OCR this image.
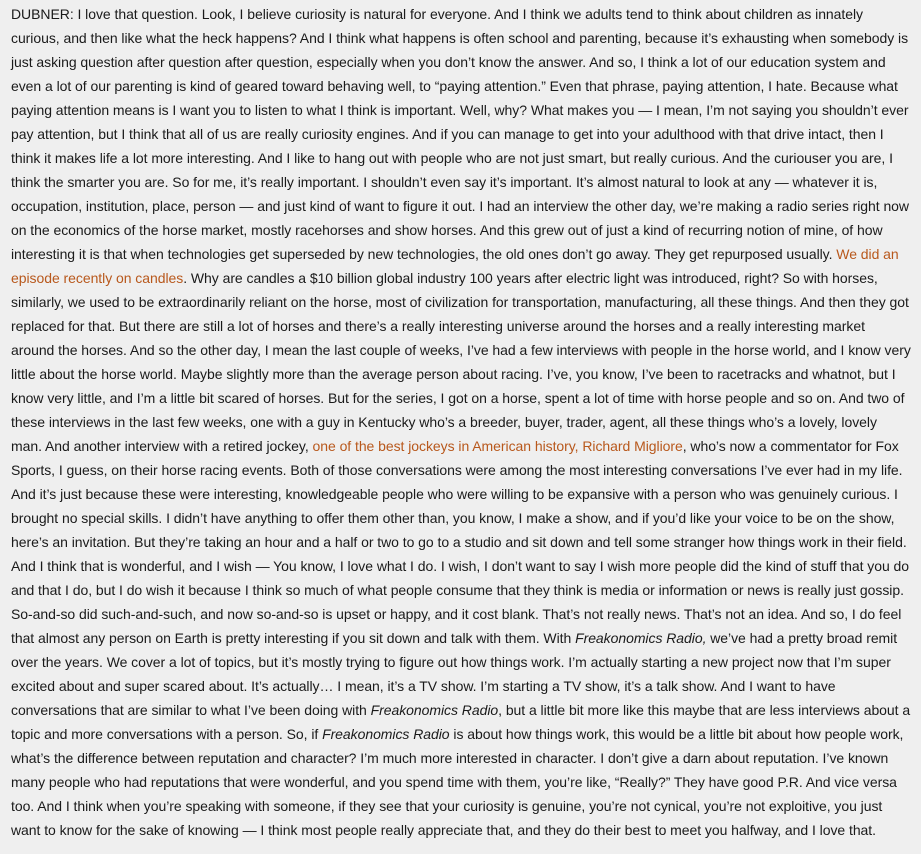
DUBNER: I love that question. Look, I believe curiosity is natural for everyone. And I think we adults tend to think about children as innately curious, and then like what the heck happens? And I think what happens is often school and parenting, because it’s exhausting when somebody is just asking question after question after question, especially when you don’t know the answer. And so, I think a lot of our education system and even a lot of our parenting is kind of geared toward behaving well, to “paying attention.” Even that phrase, paying attention, I hate. Because what paying attention means is I want you to listen to what I think is important. Well, why? What makes you — I mean, I’m not saying you shouldn’t ever pay attention, but I think that all of us are really curiosity engines. And if you can manage to get into your adulthood with that drive intact, then I think it makes life a lot more interesting. And I like to hang out with people who are not just smart, but really curious. And the curiouser you are, I think the smarter you are. So for me, it’s really important. I shouldn’t even say it’s important. It’s almost natural to look at any — whatever it is, occupation, institution, place, person — and just kind of want to figure it out. I had an interview the other day, we’re making a radio series right now on the economics of the horse market, mostly racehorses and show horses. And this grew out of just a kind of recurring notion of mine, of how interesting it is that when technologies get superseded by new technologies, the old ones don’t go away. They get repurposed usually. We did an episode recently on candles. Why are candles a $10 billion global industry 100 years after electric light was introduced, right? So with horses, similarly, we used to be extraordinarily reliant on the horse, most of civilization for transportation, manufacturing, all these things. And then they got replaced for that. But there are still a lot of horses and there’s a really interesting universe around the horses and a really interesting market around the horses. And so the other day, I mean the last couple of weeks, I’ve had a few interviews with people in the horse world, and I know very little about the horse world. Maybe slightly more than the average person about racing. I’ve, you know, I’ve been to racetracks and whatnot, but I know very little, and I’m a little bit scared of horses. But for the series, I got on a horse, spent a lot of time with horse people and so on. And two of these interviews in the last few weeks, one with a guy in Kentucky who’s a breeder, buyer, trader, agent, all these things who’s a lovely, lovely man. And another interview with a retired jockey, one of the best jockeys in American history, Richard Migliore, who’s now a commentator for Fox Sports, I guess, on their horse racing events. Both of those conversations were among the most interesting conversations I’ve ever had in my life. And it’s just because these were interesting, knowledgeable people who were willing to be expansive with a person who was genuinely curious. I brought no special skills. I didn’t have anything to offer them other than, you know, I make a show, and if you’d like your voice to be on the show, here’s an invitation. But they’re taking an hour and a half or two to go to a studio and sit down and tell some stranger how things work in their field. And I think that is wonderful, and I wish — You know, I love what I do. I wish, I don’t want to say I wish more people did the kind of stuff that you do and that I do, but I do wish it because I think so much of what people consume that they think is media or information or news is really just gossip. So-and-so did such-and-such, and now so-and-so is upset or happy, and it cost blank. That’s not really news. That’s not an idea. And so, I do feel that almost any person on Earth is pretty interesting if you sit down and talk with them. With Freakonomics Radio, we’ve had a pretty broad remit over the years. We cover a lot of topics, but it’s mostly trying to figure out how things work. I’m actually starting a new project now that I’m super excited about and super scared about. It’s actually… I mean, it’s a TV show. I’m starting a TV show, it’s a talk show. And I want to have conversations that are similar to what I’ve been doing with Freakonomics Radio, but a little bit more like this maybe that are less interviews about a topic and more conversations with a person. So, if Freakonomics Radio is about how things work, this would be a little bit about how people work, what’s the difference between reputation and character? I’m much more interested in character. I don’t give a darn about reputation. I’ve known many people who had reputations that were wonderful, and you spend time with them, you’re like, “Really?” They have good P.R. And vice versa too. And I think when you’re speaking with someone, if they see that your curiosity is genuine, you’re not cynical, you’re not exploitive, you just want to know for the sake of knowing — I think most people really appreciate that, and they do their best to meet you halfway, and I love that.
